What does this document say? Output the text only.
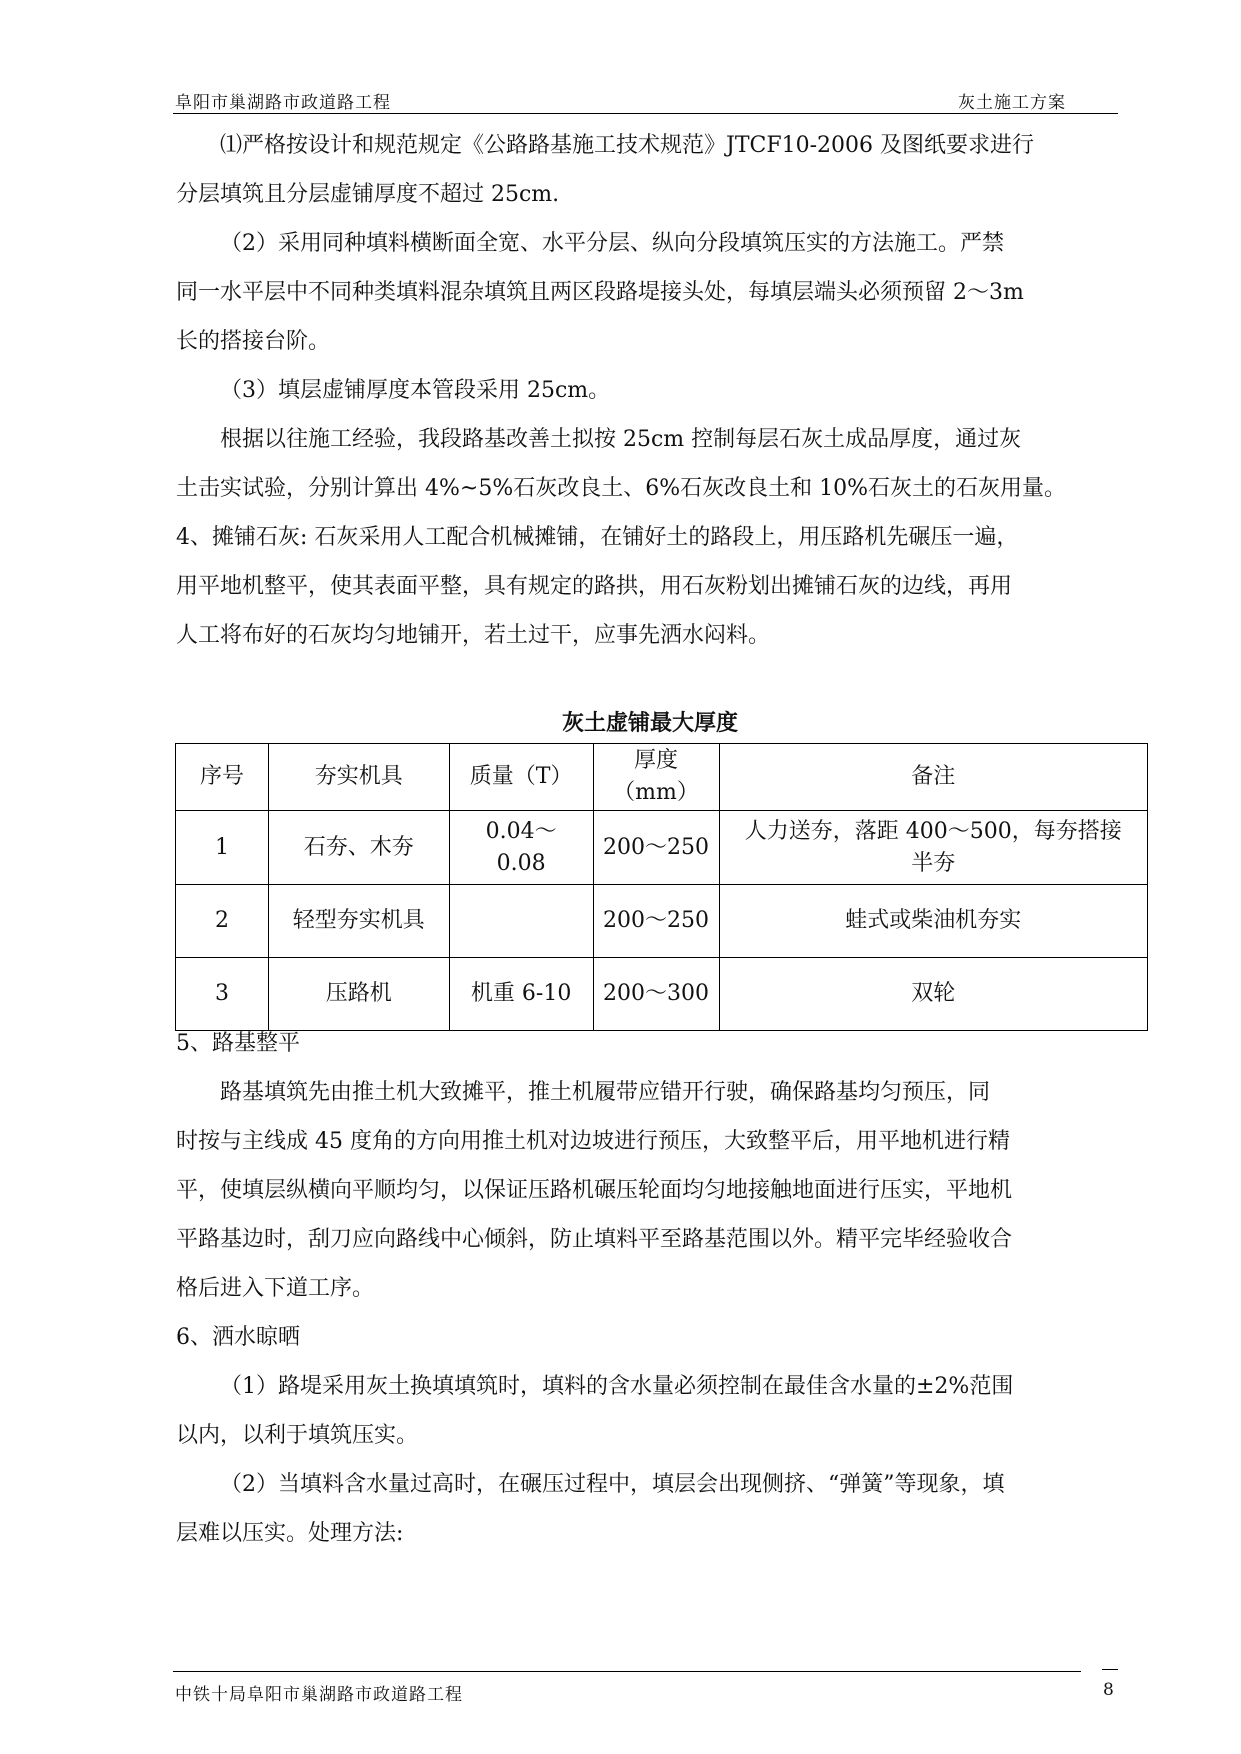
阜阳市巢湖路市政道路工程	灰土施工方案
⑴严格按设计和规范规定《公路路基施工技术规范》JTCF10-2006 及图纸要求进行
分层填筑且分层虚铺厚度不超过 25cm.
（2）采用同种填料横断面全宽、水平分层、纵向分段填筑压实的方法施工。严禁
同一水平层中不同种类填料混杂填筑且两区段路堤接头处，每填层端头必须预留 2～3m
长的搭接台阶。
（3）填层虚铺厚度本管段采用 25cm。
根据以往施工经验，我段路基改善土拟按 25cm 控制每层石灰土成品厚度，通过灰
土击实试验，分别计算出 4%~5%石灰改良土、6%石灰改良土和 10%石灰土的石灰用量。
4、摊铺石灰: 石灰采用人工配合机械摊铺，在铺好土的路段上，用压路机先碾压一遍，
用平地机整平，使其表面平整，具有规定的路拱，用石灰粉划出摊铺石灰的边线，再用
人工将布好的石灰均匀地铺开，若土过干，应事先洒水闷料。
灰土虚铺最大厚度
序号	夯实机具	质量（T）	厚度（mm）	备注
1	石夯、木夯	0.04～
0.08	200～250	人力送夯，落距 400～500，每夯搭接
半夯
2	轻型夯实机具		200～250	蛙式或柴油机夯实
3	压路机	机重 6-10	200～300	双轮
5、路基整平
路基填筑先由推土机大致摊平，推土机履带应错开行驶，确保路基均匀预压，同
时按与主线成 45 度角的方向用推土机对边坡进行预压，大致整平后，用平地机进行精
平，使填层纵横向平顺均匀，以保证压路机碾压轮面均匀地接触地面进行压实，平地机
平路基边时，刮刀应向路线中心倾斜，防止填料平至路基范围以外。精平完毕经验收合
格后进入下道工序。
6、洒水晾晒
（1）路堤采用灰土换填填筑时，填料的含水量必须控制在最佳含水量的±2%范围
以内，以利于填筑压实。
（2）当填料含水量过高时，在碾压过程中，填层会出现侧挤、“弹簧”等现象，填
层难以压实。处理方法:
中铁十局阜阳市巢湖路市政道路工程	8
